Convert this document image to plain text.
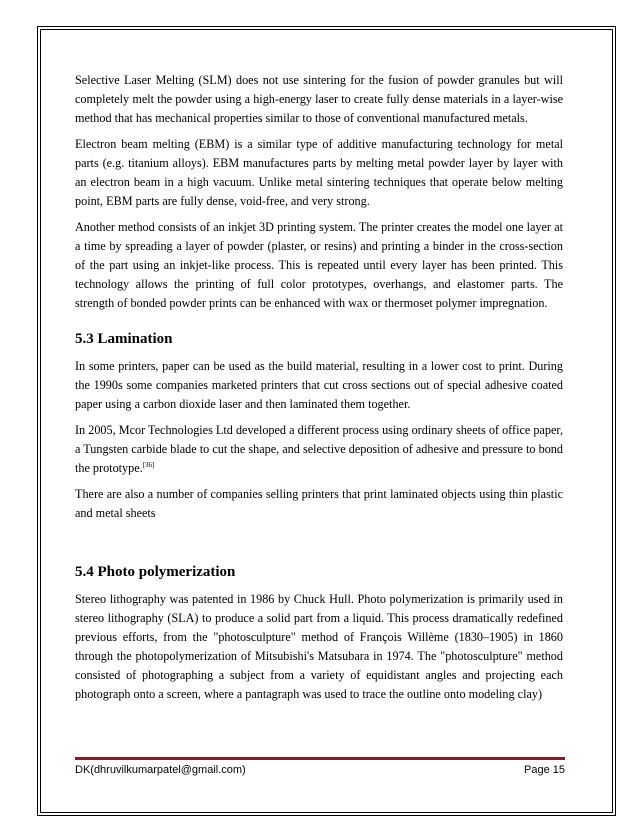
Selective Laser Melting (SLM) does not use sintering for the fusion of powder granules but will completely melt the powder using a high-energy laser to create fully dense materials in a layer-wise method that has mechanical properties similar to those of conventional manufactured metals.

Electron beam melting (EBM) is a similar type of additive manufacturing technology for metal parts (e.g. titanium alloys). EBM manufactures parts by melting metal powder layer by layer with an electron beam in a high vacuum. Unlike metal sintering techniques that operate below melting point, EBM parts are fully dense, void-free, and very strong.

Another method consists of an inkjet 3D printing system. The printer creates the model one layer at a time by spreading a layer of powder (plaster, or resins) and printing a binder in the cross-section of the part using an inkjet-like process. This is repeated until every layer has been printed. This technology allows the printing of full color prototypes, overhangs, and elastomer parts. The strength of bonded powder prints can be enhanced with wax or thermoset polymer impregnation.

5.3 Lamination

In some printers, paper can be used as the build material, resulting in a lower cost to print. During the 1990s some companies marketed printers that cut cross sections out of special adhesive coated paper using a carbon dioxide laser and then laminated them together.

In 2005, Mcor Technologies Ltd developed a different process using ordinary sheets of office paper, a Tungsten carbide blade to cut the shape, and selective deposition of adhesive and pressure to bond the prototype.[36]

There are also a number of companies selling printers that print laminated objects using thin plastic and metal sheets

5.4 Photo polymerization

Stereo lithography was patented in 1986 by Chuck Hull. Photo polymerization is primarily used in stereo lithography (SLA) to produce a solid part from a liquid. This process dramatically redefined previous efforts, from the "photosculpture" method of François Willème (1830–1905) in 1860 through the photopolymerization of Mitsubishi's Matsubara in 1974. The "photosculpture" method consisted of photographing a subject from a variety of equidistant angles and projecting each photograph onto a screen, where a pantagraph was used to trace the outline onto modeling clay)

DK(dhruvilkumarpatel@gmail.com)	Page 15
